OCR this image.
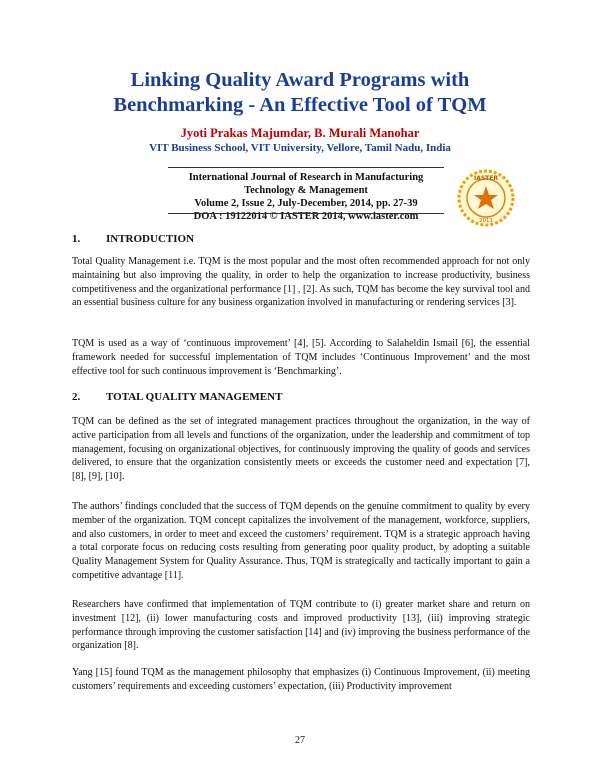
Linking Quality Award Programs with
Benchmarking - An Effective Tool of TQM
Jyoti Prakas Majumdar, B. Murali Manohar
VIT Business School, VIT University, Vellore, Tamil Nadu, India
International Journal of Research in Manufacturing Technology & Management
Volume 2, Issue 2, July-December, 2014, pp. 27-39
DOA : 19122014 © IASTER 2014, www.iaster.com
IASTER
2011
1. INTRODUCTION
Total Quality Management i.e. TQM is the most popular and the most often recommended approach for not only maintaining but also improving the quality, in order to help the organization to increase productivity, business competitiveness and the organizational performance [1] , [2]. As such, TQM has become the key survival tool and an essential business culture for any business organization involved in manufacturing or rendering services [3].
TQM is used as a way of ‘continuous improvement’ [4], [5]. According to Salaheldin Ismail [6], the essential framework needed for successful implementation of TQM includes ‘Continuous Improvement’ and the most effective tool for such continuous improvement is ‘Benchmarking’.
2. TOTAL QUALITY MANAGEMENT
TQM can be defined as the set of integrated management practices throughout the organization, in the way of active participation from all levels and functions of the organization, under the leadership and commitment of top management, focusing on organizational objectives, for continuously improving the quality of goods and services delivered, to ensure that the organization consistently meets or exceeds the customer need and expectation [7], [8], [9], [10].
The authors’ findings concluded that the success of TQM depends on the genuine commitment to quality by every member of the organization. TQM concept capitalizes the involvement of the management, workforce, suppliers, and also customers, in order to meet and exceed the customers’ requirement. TQM is a strategic approach having a total corporate focus on reducing costs resulting from generating poor quality product, by adopting a suitable Quality Management System for Quality Assurance. Thus, TQM is strategically and tactically important to gain a competitive advantage [11].
Researchers have confirmed that implementation of TQM contribute to (i) greater market share and return on investment [12], (ii) lower manufacturing costs and improved productivity [13], (iii) improving strategic performance through improving the customer satisfaction [14] and (iv) improving the business performance of the organization [8].
Yang [15] found TQM as the management philosophy that emphasizes (i) Continuous Improvement, (ii) meeting customers’ requirements and exceeding customers’ expectation, (iii) Productivity improvement
27
